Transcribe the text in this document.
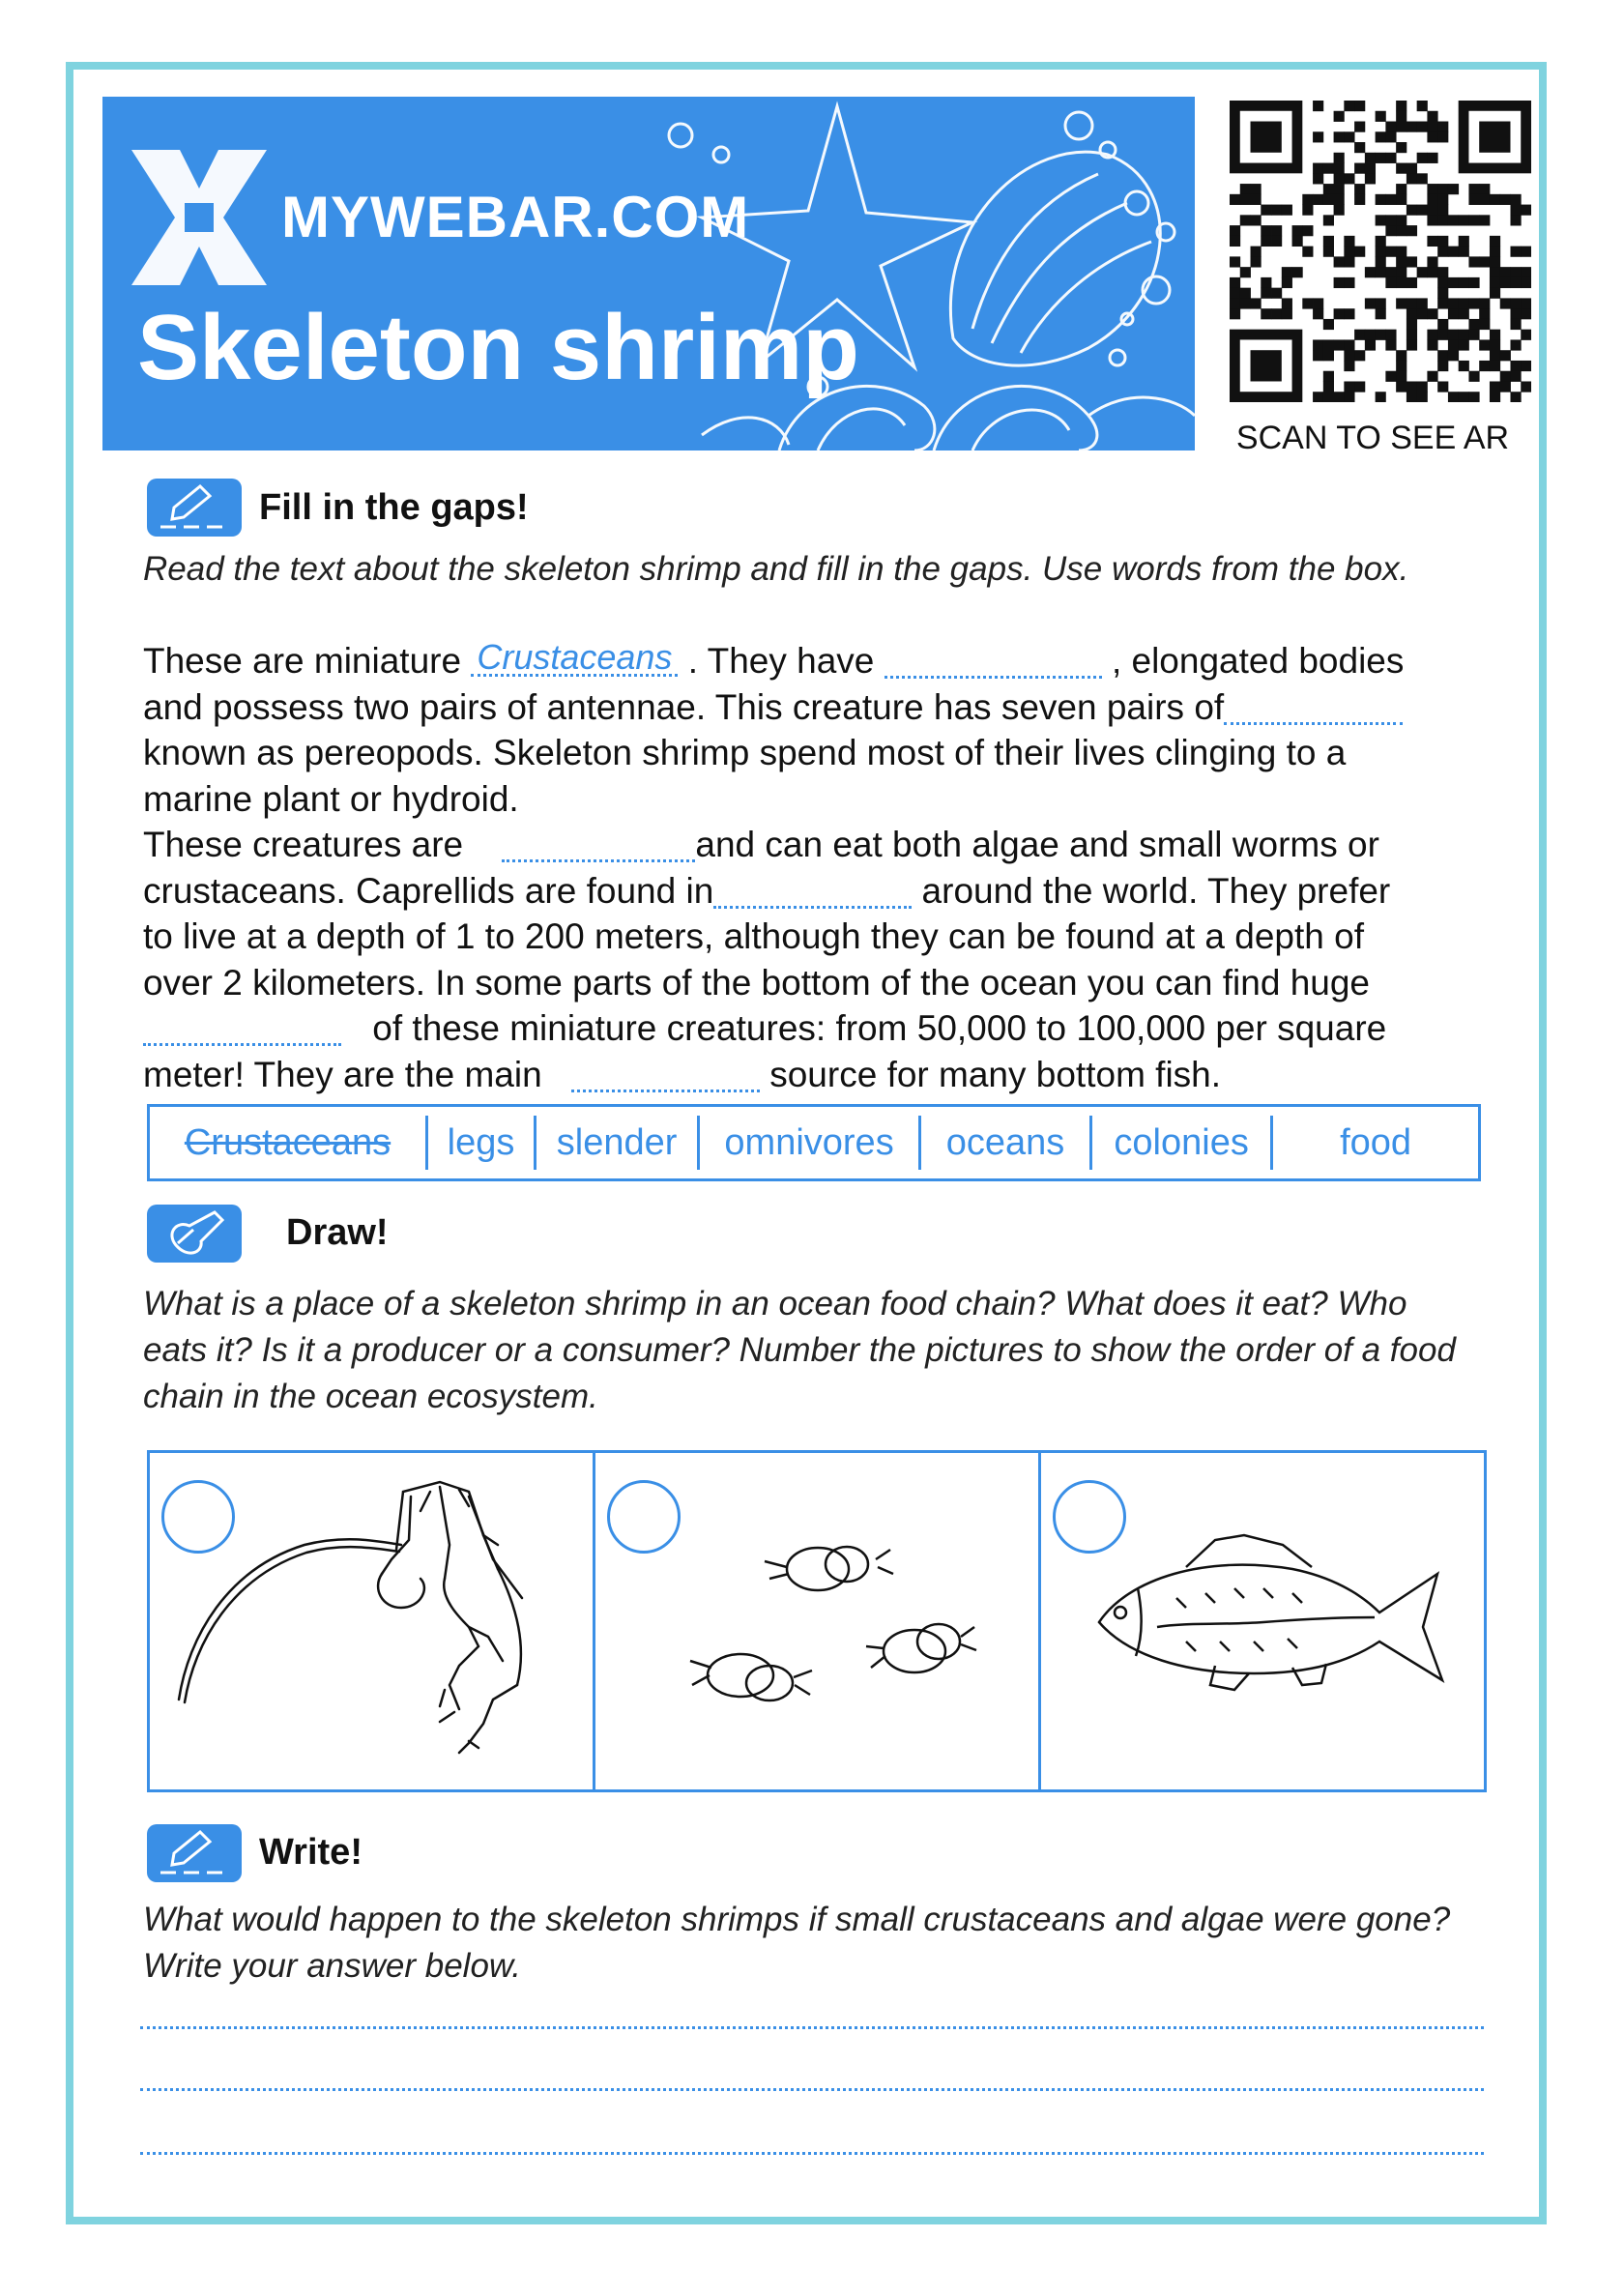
MYWEBAR.COM
Skeleton shrimp
SCAN TO SEE AR
Fill in the gaps!
Read the text about the skeleton shrimp and fill in the gaps. Use words from the box.
These are miniature Crustaceans . They have	, elongated bodies
and possess two pairs of antennae. This creature has seven pairs of
known as pereopods. Skeleton shrimp spend most of their lives clinging to a
marine plant or hydroid.
These creatures are	and can eat both algae and small worms or
crustaceans. Caprellids are found in	around the world. They prefer
to live at a depth of 1 to 200 meters, although they can be found at a depth of
over 2 kilometers. In some parts of the bottom of the ocean you can find huge
of these miniature creatures: from 50,000 to 100,000 per square
meter! They are the main	source for many bottom fish.
Crustaceans	legs	slender	omnivores	oceans	colonies	food
Draw!
What is a place of a skeleton shrimp in an ocean food chain? What does it eat? Who eats it? Is it a producer or a consumer? Number the pictures to show the order of a food chain in the ocean ecosystem.
Write!
What would happen to the skeleton shrimps if small crustaceans and algae were gone? Write your answer below.
